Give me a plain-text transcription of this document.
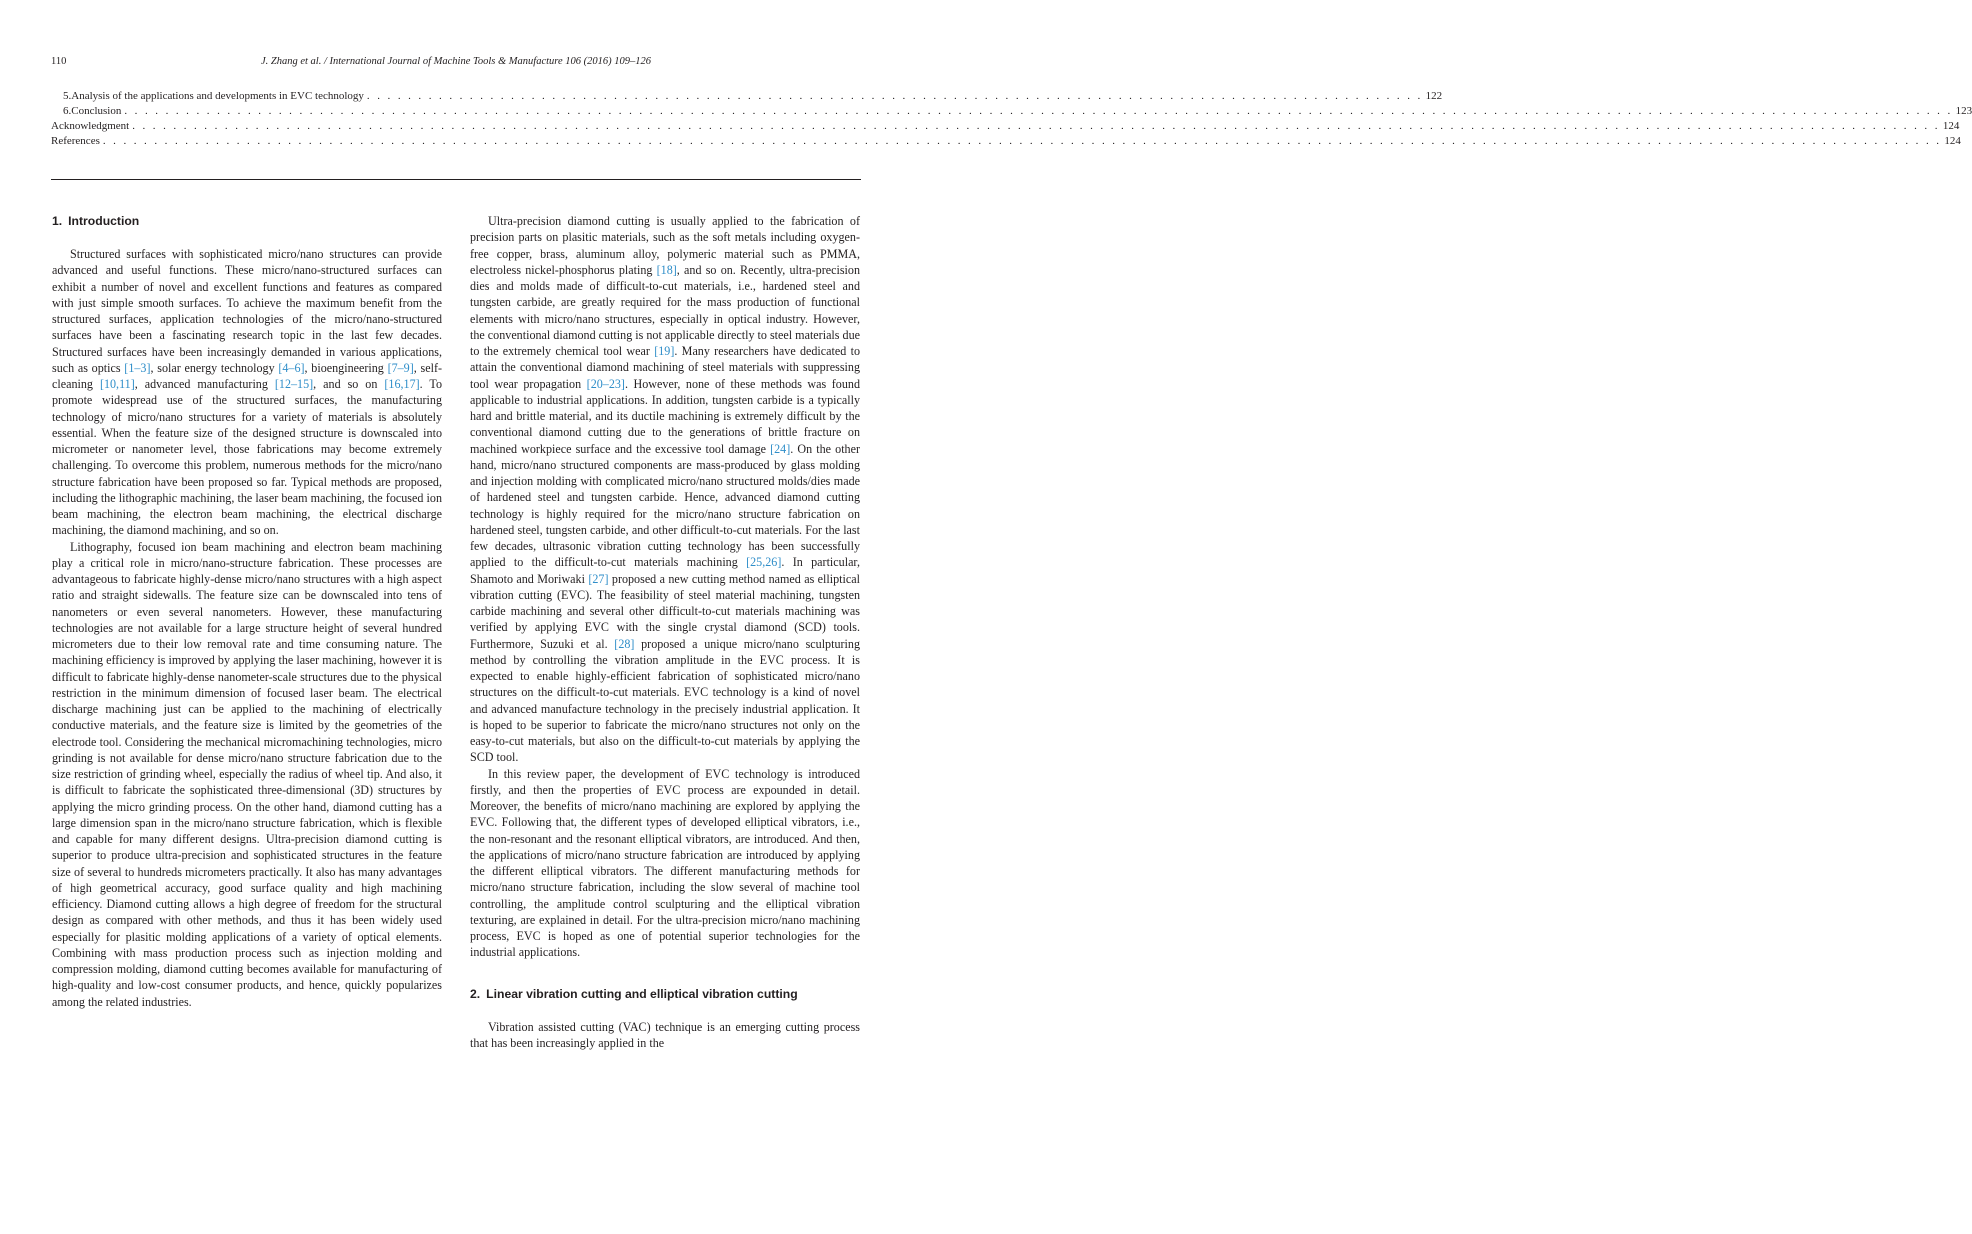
110	J. Zhang et al. / International Journal of Machine Tools & Manufacture 106 (2016) 109–126
5. Analysis of the applications and developments in EVC technology . . . . . . . . . . . . . . . . . . . . . . . . . . . . . . . . . . . . . . . . . . . . . . . . . . . . . . . . . . . . . . . . . . . . . . . . . . . . . . . . . . . . . . . . . . . . . . . . . . . . . . . 122
6. Conclusion . . . . . . . . . . . . . . . . . . . . . . . . . . . . . . . . . . . . . . . . . . . . . . . . . . . . . . . . . . . . . . . . . . . . . . . . . . . . . . . . . . . . . . . . . . . . . . . . . . . . . . . . . . . . . . . . . . . . . . . . . . . . . . . . . . . . . . . . . . . . . . . . . . . . . . . . . . . . . . . . . . . . . . . . . . . . . . . . . . 123
Acknowledgment . . . . . . . . . . . . . . . . . . . . . . . . . . . . . . . . . . . . . . . . . . . . . . . . . . . . . . . . . . . . . . . . . . . . . . . . . . . . . . . . . . . . . . . . . . . . . . . . . . . . . . . . . . . . . . . . . . . . . . . . . . . . . . . . . . . . . . . . . . . . . . . . . . . . . . . . . . . . . . . . . . . . . . . . . . . . . . . . 124
References . . . . . . . . . . . . . . . . . . . . . . . . . . . . . . . . . . . . . . . . . . . . . . . . . . . . . . . . . . . . . . . . . . . . . . . . . . . . . . . . . . . . . . . . . . . . . . . . . . . . . . . . . . . . . . . . . . . . . . . . . . . . . . . . . . . . . . . . . . . . . . . . . . . . . . . . . . . . . . . . . . . . . . . . . . . . . . . . . . . 124
1. Introduction

Structured surfaces with sophisticated micro/nano structures can provide advanced and useful functions. These micro/nano-structured surfaces can exhibit a number of novel and excellent functions and features as compared with just simple smooth surfaces. To achieve the maximum benefit from the structured surfaces, application technologies of the micro/nano-structured surfaces have been a fascinating research topic in the last few decades. Structured surfaces have been increasingly demanded in various applications, such as optics [1–3], solar energy technology [4–6], bioengineering [7–9], self-cleaning [10,11], advanced manufacturing [12–15], and so on [16,17]. To promote widespread use of the structured surfaces, the manufacturing technology of micro/nano structures for a variety of materials is absolutely essential. When the feature size of the designed structure is downscaled into micrometer or nanometer level, those fabrications may become extremely challenging. To overcome this problem, numerous methods for the micro/nano structure fabrication have been proposed so far. Typical methods are proposed, including the lithographic machining, the laser beam machining, the focused ion beam machining, the electron beam machining, the electrical discharge machining, the diamond machining, and so on.

Lithography, focused ion beam machining and electron beam machining play a critical role in micro/nano-structure fabrication. These processes are advantageous to fabricate highly-dense micro/nano structures with a high aspect ratio and straight sidewalls. The feature size can be downscaled into tens of nanometers or even several nanometers. However, these manufacturing technologies are not available for a large structure height of several hundred micrometers due to their low removal rate and time consuming nature. The machining efficiency is improved by applying the laser machining, however it is difficult to fabricate highly-dense nanometer-scale structures due to the physical restriction in the minimum dimension of focused laser beam. The electrical discharge machining just can be applied to the machining of electrically conductive materials, and the feature size is limited by the geometries of the electrode tool. Considering the mechanical micromachining technologies, micro grinding is not available for dense micro/nano structure fabrication due to the size restriction of grinding wheel, especially the radius of wheel tip. And also, it is difficult to fabricate the sophisticated three-dimensional (3D) structures by applying the micro grinding process. On the other hand, diamond cutting has a large dimension span in the micro/nano structure fabrication, which is flexible and capable for many different designs. Ultra-precision diamond cutting is superior to produce ultra-precision and sophisticated structures in the feature size of several to hundreds micrometers practically. It also has many advantages of high geometrical accuracy, good surface quality and high machining efficiency. Diamond cutting allows a high degree of freedom for the structural design as compared with other methods, and thus it has been widely used especially for plasitic molding applications of a variety of optical elements. Combining with mass production process such as injection molding and compression molding, diamond cutting becomes available for manufacturing of high-quality and low-cost consumer products, and hence, quickly popularizes among the related industries.

Ultra-precision diamond cutting is usually applied to the fabrication of precision parts on plasitic materials, such as the soft metals including oxygen-free copper, brass, aluminum alloy, polymeric material such as PMMA, electroless nickel-phosphorus plating [18], and so on. Recently, ultra-precision dies and molds made of difficult-to-cut materials, i.e., hardened steel and tungsten carbide, are greatly required for the mass production of functional elements with micro/nano structures, especially in optical industry. However, the conventional diamond cutting is not applicable directly to steel materials due to the extremely chemical tool wear [19]. Many researchers have dedicated to attain the conventional diamond machining of steel materials with suppressing tool wear propagation [20–23]. However, none of these methods was found applicable to industrial applications. In addition, tungsten carbide is a typically hard and brittle material, and its ductile machining is extremely difficult by the conventional diamond cutting due to the generations of brittle fracture on machined workpiece surface and the excessive tool damage [24]. On the other hand, micro/nano structured components are mass-produced by glass molding and injection molding with complicated micro/nano structured molds/dies made of hardened steel and tungsten carbide. Hence, advanced diamond cutting technology is highly required for the micro/nano structure fabrication on hardened steel, tungsten carbide, and other difficult-to-cut materials. For the last few decades, ultrasonic vibration cutting technology has been successfully applied to the difficult-to-cut materials machining [25,26]. In particular, Shamoto and Moriwaki [27] proposed a new cutting method named as elliptical vibration cutting (EVC). The feasibility of steel material machining, tungsten carbide machining and several other difficult-to-cut materials machining was verified by applying EVC with the single crystal diamond (SCD) tools. Furthermore, Suzuki et al. [28] proposed a unique micro/nano sculpturing method by controlling the vibration amplitude in the EVC process. It is expected to enable highly-efficient fabrication of sophisticated micro/nano structures on the difficult-to-cut materials. EVC technology is a kind of novel and advanced manufacture technology in the precisely industrial application. It is hoped to be superior to fabricate the micro/nano structures not only on the easy-to-cut materials, but also on the difficult-to-cut materials by applying the SCD tool.

In this review paper, the development of EVC technology is introduced firstly, and then the properties of EVC process are expounded in detail. Moreover, the benefits of micro/nano machining are explored by applying the EVC. Following that, the different types of developed elliptical vibrators, i.e., the non-resonant and the resonant elliptical vibrators, are introduced. And then, the applications of micro/nano structure fabrication are introduced by applying the different elliptical vibrators. The different manufacturing methods for micro/nano structure fabrication, including the slow several of machine tool controlling, the amplitude control sculpturing and the elliptical vibration texturing, are explained in detail. For the ultra-precision micro/nano machining process, EVC is hoped as one of potential superior technologies for the industrial applications.

2. Linear vibration cutting and elliptical vibration cutting

Vibration assisted cutting (VAC) technique is an emerging cutting process that has been increasingly applied in the
